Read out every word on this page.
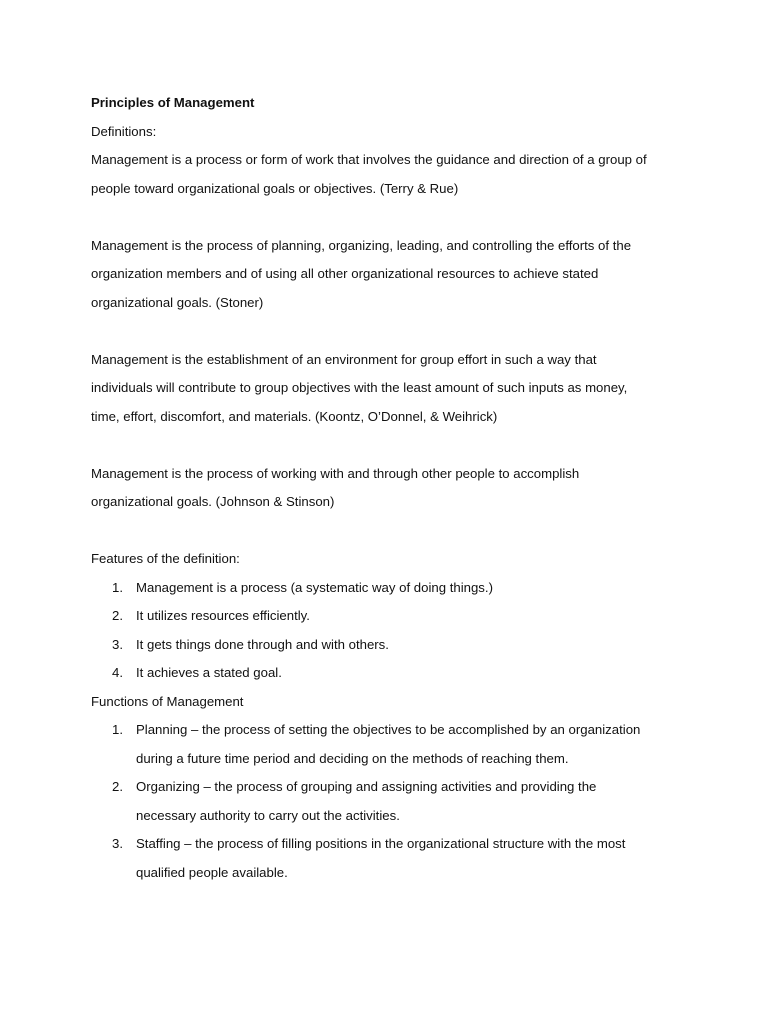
Principles of Management
Definitions:
Management is a process or form of work that involves the guidance and direction of a group of
people toward organizational goals or objectives. (Terry & Rue)
Management is the process of planning, organizing, leading, and controlling the efforts of the
organization members and of using all other organizational resources to achieve stated
organizational goals. (Stoner)
Management is the establishment of an environment for group effort in such a way that
individuals will contribute to group objectives with the least amount of such inputs as money,
time, effort, discomfort, and materials. (Koontz, O’Donnel, & Weihrick)
Management is the process of working with and through other people to accomplish
organizational goals. (Johnson & Stinson)
Features of the definition:
1. Management is a process (a systematic way of doing things.)
2. It utilizes resources efficiently.
3. It gets things done through and with others.
4. It achieves a stated goal.
Functions of Management
1. Planning – the process of setting the objectives to be accomplished by an organization
during a future time period and deciding on the methods of reaching them.
2. Organizing – the process of grouping and assigning activities and providing the
necessary authority to carry out the activities.
3. Staffing – the process of filling positions in the organizational structure with the most
qualified people available.
